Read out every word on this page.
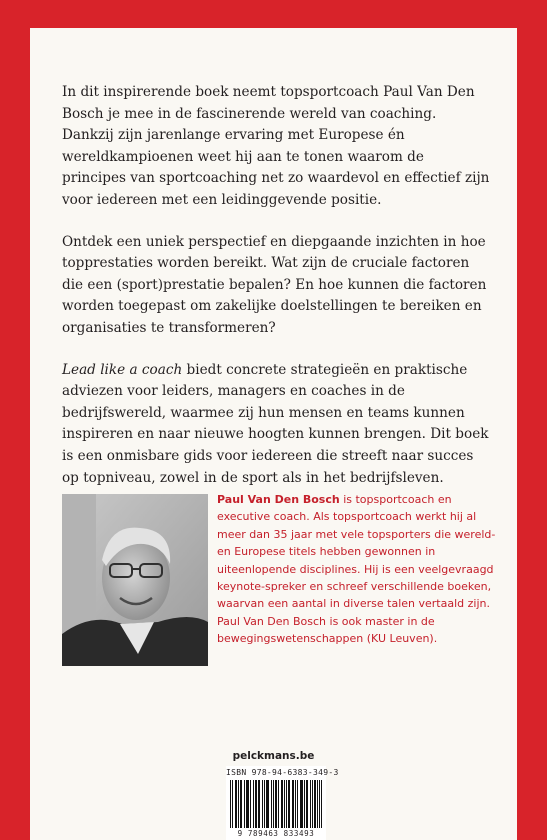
In dit inspirerende boek neemt topsportcoach Paul Van Den Bosch je mee in de fascinerende wereld van coaching. Dankzij zijn jarenlange ervaring met Europese én wereldkampioenen weet hij aan te tonen waarom de principes van sportcoaching net zo waardevol en effectief zijn voor iedereen met een leidinggevende positie.

Ontdek een uniek perspectief en diepgaande inzichten in hoe topprestaties worden bereikt. Wat zijn de cruciale factoren die een (sport)prestatie bepalen? En hoe kunnen die factoren worden toegepast om zakelijke doelstellingen te bereiken en organisaties te transformeren?

Lead like a coach biedt concrete strategieën en praktische adviezen voor leiders, managers en coaches in de bedrijfswereld, waarmee zij hun mensen en teams kunnen inspireren en naar nieuwe hoogten kunnen brengen. Dit boek is een onmisbare gids voor iedereen die streeft naar succes op topniveau, zowel in de sport als in het bedrijfsleven.

Paul Van Den Bosch is topsportcoach en executive coach. Als topsportcoach werkt hij al meer dan 35 jaar met vele topsporters die wereld- en Europese titels hebben gewonnen in uiteenlopende disciplines. Hij is een veelgevraagd keynote-spreker en schreef verschillende boeken, waarvan een aantal in diverse talen vertaald zijn. Paul Van Den Bosch is ook master in de bewegingswetenschappen (KU Leuven).
pelckmans.be
ISBN 978-94-6383-349-3
9 789463 833493
